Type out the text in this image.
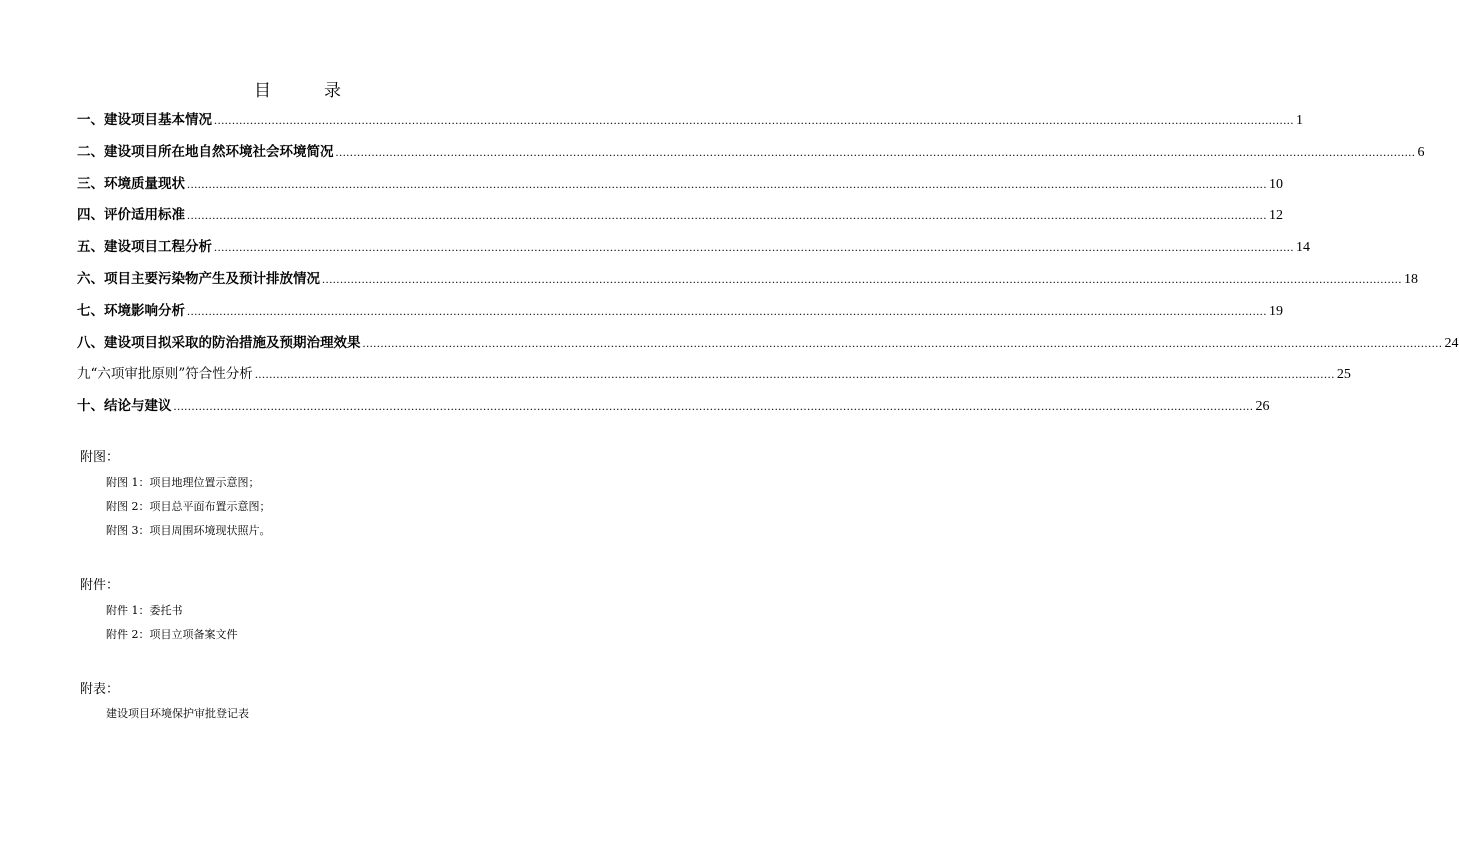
目　录
一、建设项目基本情况 ............................................................................................................................................................................................................................................................................................................ 1
二、建设项目所在地自然环境社会环境简况 ............................................................................................................................................................................................................................................................................................................ 6
三、环境质量现状 ............................................................................................................................................................................................................................................................................................................ 10
四、评价适用标准 ............................................................................................................................................................................................................................................................................................................ 12
五、建设项目工程分析 ............................................................................................................................................................................................................................................................................................................ 14
六、项目主要污染物产生及预计排放情况 ............................................................................................................................................................................................................................................................................................................ 18
七、环境影响分析 ............................................................................................................................................................................................................................................................................................................ 19
八、建设项目拟采取的防治措施及预期治理效果 ............................................................................................................................................................................................................................................................................................................ 24
九“六项审批原则”符合性分析 ............................................................................................................................................................................................................................................................................................................ 25
十、结论与建议 ............................................................................................................................................................................................................................................................................................................ 26
附图：
附图 1：项目地理位置示意图；
附图 2：项目总平面布置示意图；
附图 3：项目周围环境现状照片。
附件：
附件 1：委托书
附件 2：项目立项备案文件
附表：
建设项目环境保护审批登记表
